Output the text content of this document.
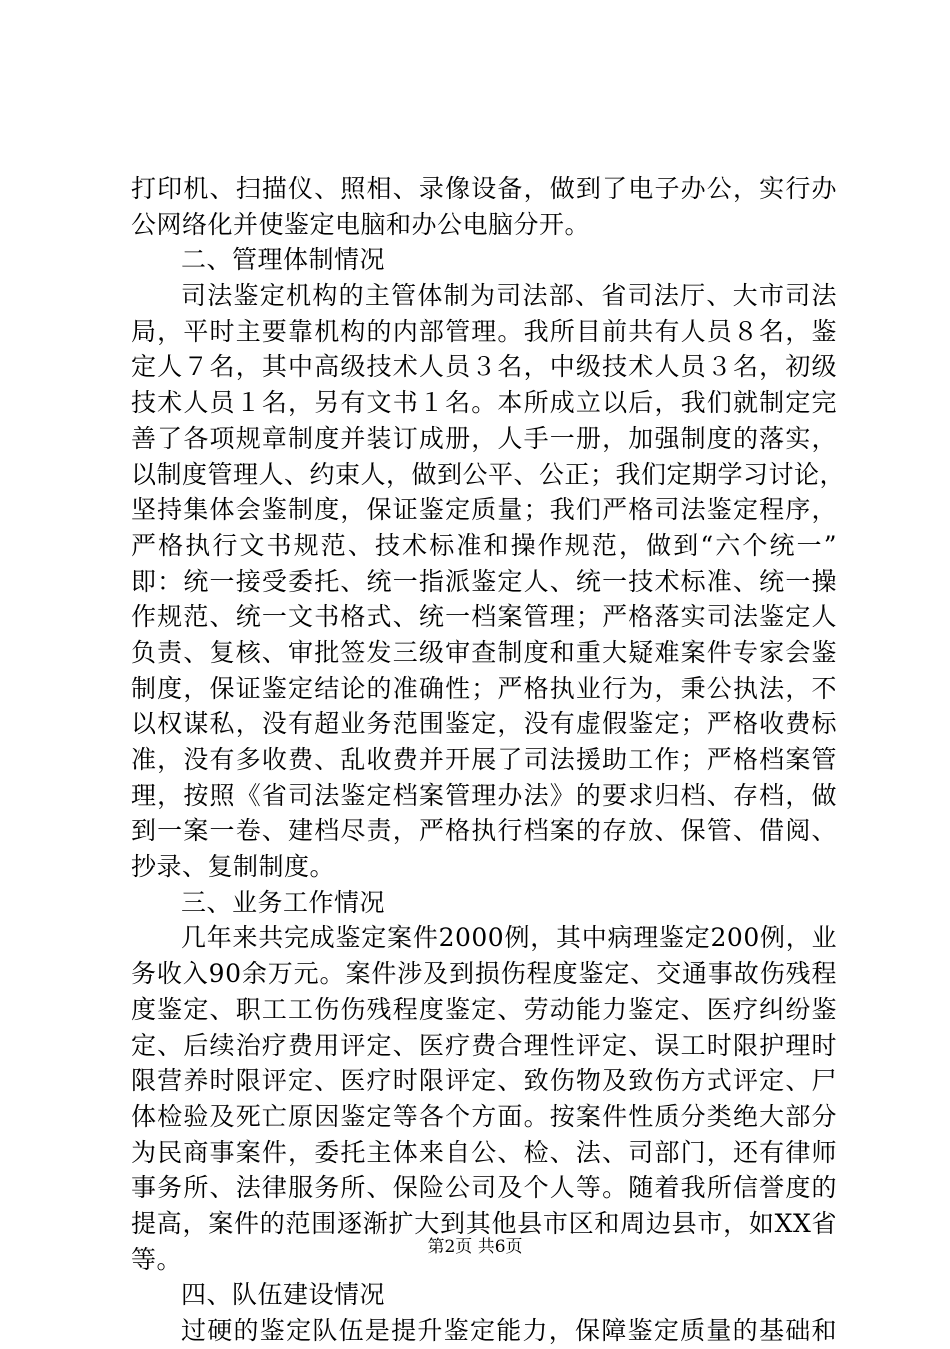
打印机、扫描仪、照相、录像设备，做到了电子办公，实行办
公网络化并使鉴定电脑和办公电脑分开。
二、管理体制情况
司法鉴定机构的主管体制为司法部、省司法厅、大市司法
局，平时主要靠机构的内部管理。我所目前共有人员８名，鉴
定人７名，其中高级技术人员３名，中级技术人员３名，初级
技术人员１名，另有文书１名。本所成立以后，我们就制定完
善了各项规章制度并装订成册，人手一册，加强制度的落实，
以制度管理人、约束人，做到公平、公正；我们定期学习讨论，
坚持集体会鉴制度，保证鉴定质量；我们严格司法鉴定程序，
严格执行文书规范、技术标准和操作规范，做到“六个统一”
即：统一接受委托、统一指派鉴定人、统一技术标准、统一操
作规范、统一文书格式、统一档案管理；严格落实司法鉴定人
负责、复核、审批签发三级审查制度和重大疑难案件专家会鉴
制度，保证鉴定结论的准确性；严格执业行为，秉公执法，不
以权谋私，没有超业务范围鉴定，没有虚假鉴定；严格收费标
准，没有多收费、乱收费并开展了司法援助工作；严格档案管
理，按照《省司法鉴定档案管理办法》的要求归档、存档，做
到一案一卷、建档尽责，严格执行档案的存放、保管、借阅、
抄录、复制制度。
三、业务工作情况
几年来共完成鉴定案件2000例，其中病理鉴定200例，业
务收入90余万元。案件涉及到损伤程度鉴定、交通事故伤残程
度鉴定、职工工伤伤残程度鉴定、劳动能力鉴定、医疗纠纷鉴
定、后续治疗费用评定、医疗费合理性评定、误工时限护理时
限营养时限评定、医疗时限评定、致伤物及致伤方式评定、尸
体检验及死亡原因鉴定等各个方面。按案件性质分类绝大部分
为民商事案件，委托主体来自公、检、法、司部门，还有律师
事务所、法律服务所、保险公司及个人等。随着我所信誉度的
提高，案件的范围逐渐扩大到其他县市区和周边县市，如XX省
等。
四、队伍建设情况
过硬的鉴定队伍是提升鉴定能力，保障鉴定质量的基础和
第2页 共6页
